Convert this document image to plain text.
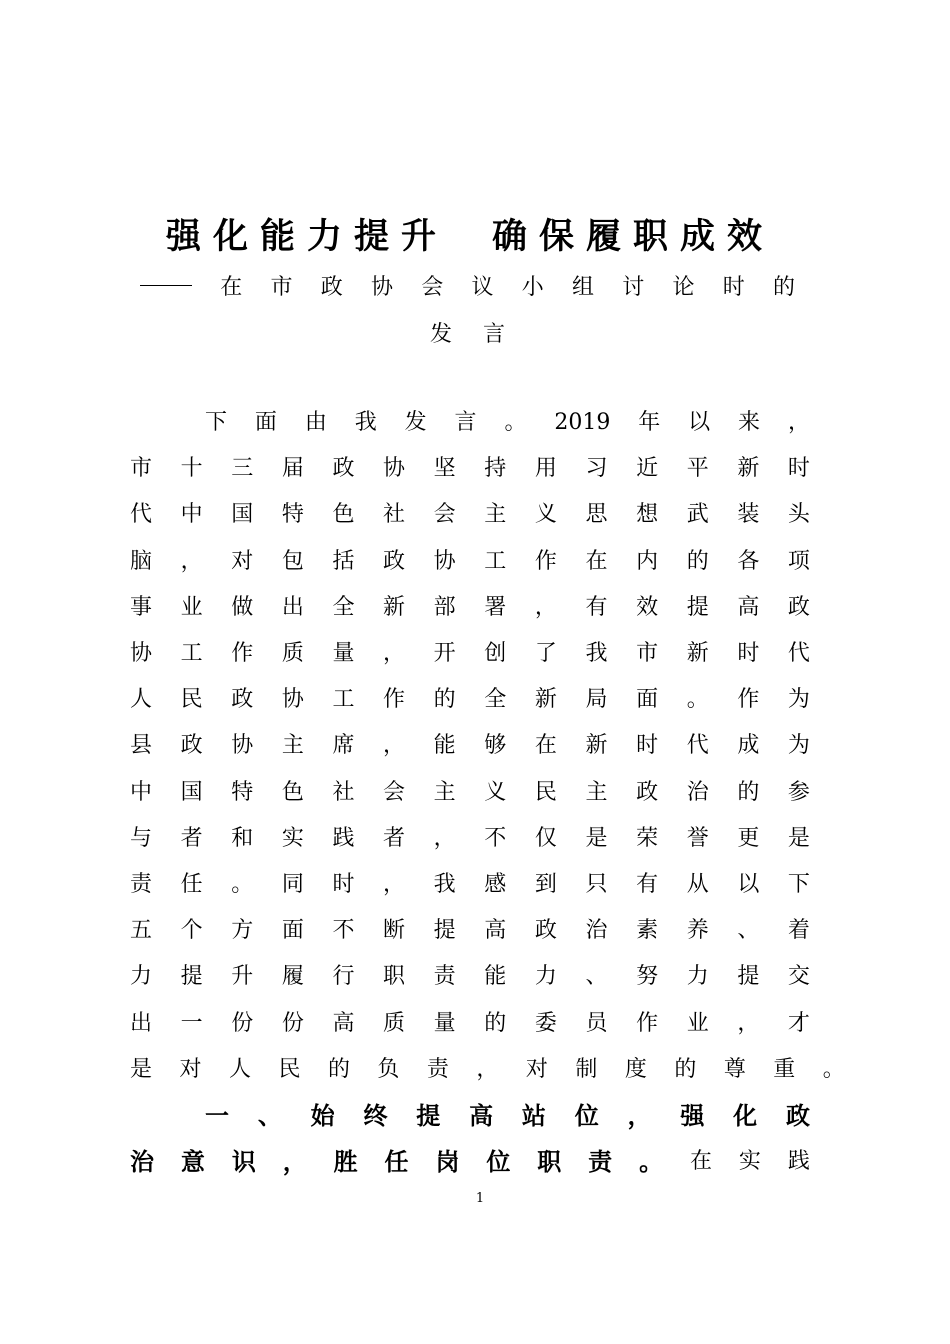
强化能力提升 确保履职成效
在 市 政 协 会 议 小 组 讨 论 时 的
发 言
下 面 由 我 发 言 。 2019 年 以 来 ，
市 十 三 届 政 协 坚 持 用 习 近 平 新 时
代 中 国 特 色 社 会 主 义 思 想 武 装 头
脑 ， 对 包 括 政 协 工 作 在 内 的 各 项
事 业 做 出 全 新 部 署 ， 有 效 提 高 政
协 工 作 质 量 ， 开 创 了 我 市 新 时 代
人 民 政 协 工 作 的 全 新 局 面 。 作 为
县 政 协 主 席 ， 能 够 在 新 时 代 成 为
中 国 特 色 社 会 主 义 民 主 政 治 的 参
与 者 和 实 践 者 ， 不 仅 是 荣 誉 更 是
责 任 。 同 时 ， 我 感 到 只 有 从 以 下
五 个 方 面 不 断 提 高 政 治 素 养 、 着
力 提 升 履 行 职 责 能 力 、 努 力 提 交
出 一 份 份 高 质 量 的 委 员 作 业 ， 才
是 对 人 民 的 负 责 ， 对 制 度 的 尊 重 。
一 、 始 终 提 高 站 位 ， 强 化 政
治 意 识 ， 胜 任 岗 位 职 责 。 在 实 践
1
